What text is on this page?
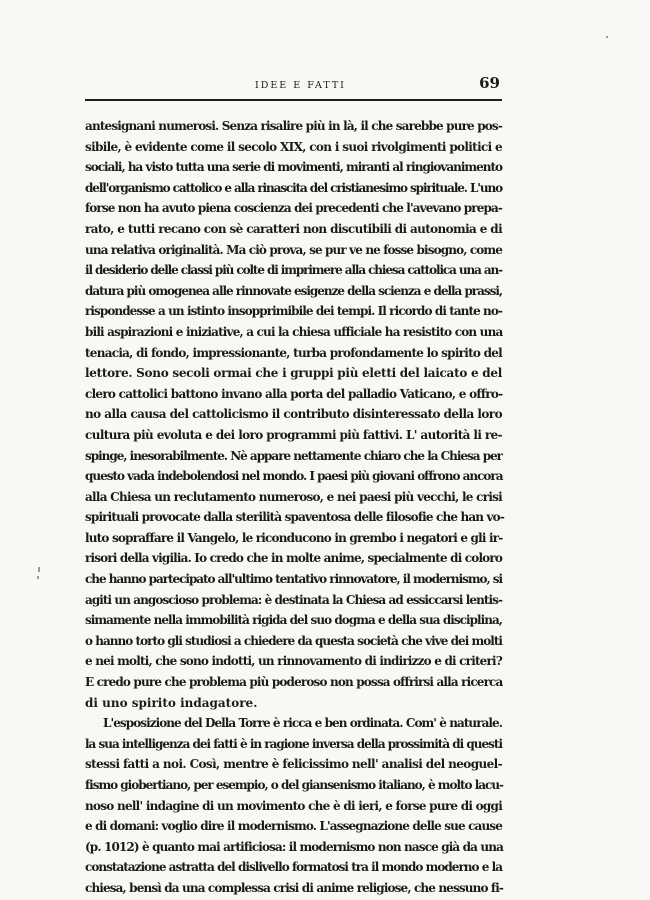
IDEE E FATTI	69
antesignani numerosi. Senza risalire più in là, il che sarebbe pure pos-
sibile, è evidente come il secolo XIX, con i suoi rivolgimenti politici e
sociali, ha visto tutta una serie di movimenti, miranti al ringiovanimento
dell'organismo cattolico e alla rinascita del cristianesimo spirituale. L'uno
forse non ha avuto piena coscienza dei precedenti che l'avevano prepa-
rato, e tutti recano con sè caratteri non discutibili di autonomia e di
una relativa originalità. Ma ciò prova, se pur ve ne fosse bisogno, come
il desiderio delle classi più colte di imprimere alla chiesa cattolica una an-
datura più omogenea alle rinnovate esigenze della scienza e della prassi,
rispondesse a un istinto insopprimibile dei tempi. Il ricordo di tante no-
bili aspirazioni e iniziative, a cui la chiesa ufficiale ha resistito con una
tenacia, di fondo, impressionante, turba profondamente lo spirito del
lettore. Sono secoli ormai che i gruppi più eletti del laicato e del
clero cattolici battono invano alla porta del palladio Vaticano, e offro-
no alla causa del cattolicismo il contributo disinteressato della loro
cultura più evoluta e dei loro programmi più fattivi. L' autorità li re-
spinge, inesorabilmente. Nè appare nettamente chiaro che la Chiesa per
questo vada indebolendosi nel mondo. I paesi più giovani offrono ancora
alla Chiesa un reclutamento numeroso, e nei paesi più vecchi, le crisi
spirituali provocate dalla sterilità spaventosa delle filosofie che han vo-
luto sopraffare il Vangelo, le riconducono in grembo i negatori e gli ir-
risori della vigilia. Io credo che in molte anime, specialmente di coloro
che hanno partecipato all'ultimo tentativo rinnovatore, il modernismo, si
agiti un angoscioso problema: è destinata la Chiesa ad essiccarsi lentis-
simamente nella immobilità rigida del suo dogma e della sua disciplina,
o hanno torto gli studiosi a chiedere da questa società che vive dei molti
e nei molti, che sono indotti, un rinnovamento di indirizzo e di criteri?
E credo pure che problema più poderoso non possa offrirsi alla ricerca
di uno spirito indagatore.
L'esposizione del Della Torre è ricca e ben ordinata. Com' è naturale.
la sua intelligenza dei fatti è in ragione inversa della prossimità di questi
stessi fatti a noi. Così, mentre è felicissimo nell' analisi del neoguel-
fismo giobertiano, per esempio, o del giansenismo italiano, è molto lacu-
noso nell' indagine di un movimento che è di ieri, e forse pure di oggi
e di domani: voglio dire il modernismo. L'assegnazione delle sue cause
(p. 1012) è quanto mai artificiosa: il modernismo non nasce già da una
constatazione astratta del dislivello formatosi tra il mondo moderno e la
chiesa, bensì da una complessa crisi di anime religiose, che nessuno fi-
